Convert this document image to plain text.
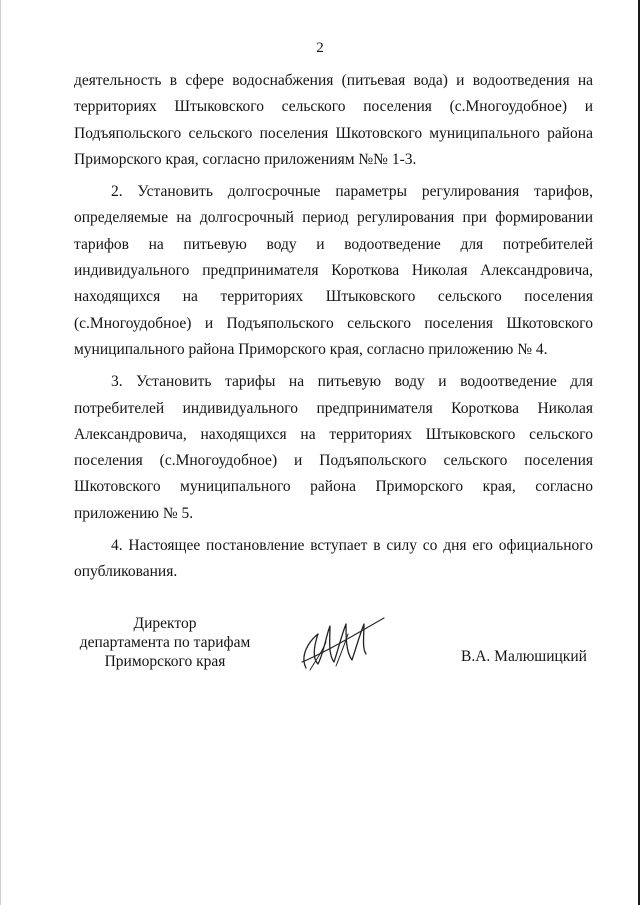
2

деятельность в сфере водоснабжения (питьевая вода) и водоотведения на территориях Штыковского сельского поселения (с.Многоудобное) и Подъяпольского сельского поселения Шкотовского муниципального района Приморского края, согласно приложениям №№ 1-3.

2. Установить долгосрочные параметры регулирования тарифов, определяемые на долгосрочный период регулирования при формировании тарифов на питьевую воду и водоотведение для потребителей индивидуального предпринимателя Короткова Николая Александровича, находящихся на территориях Штыковского сельского поселения (с.Многоудобное) и Подъяпольского сельского поселения Шкотовского муниципального района Приморского края, согласно приложению № 4.

3. Установить тарифы на питьевую воду и водоотведение для потребителей индивидуального предпринимателя Короткова Николая Александровича, находящихся на территориях Штыковского сельского поселения (с.Многоудобное) и Подъяпольского сельского поселения Шкотовского муниципального района Приморского края, согласно приложению № 5.

4. Настоящее постановление вступает в силу со дня его официального опубликования.

Директор
департамента по тарифам
Приморского края	В.А. Малюшицкий
